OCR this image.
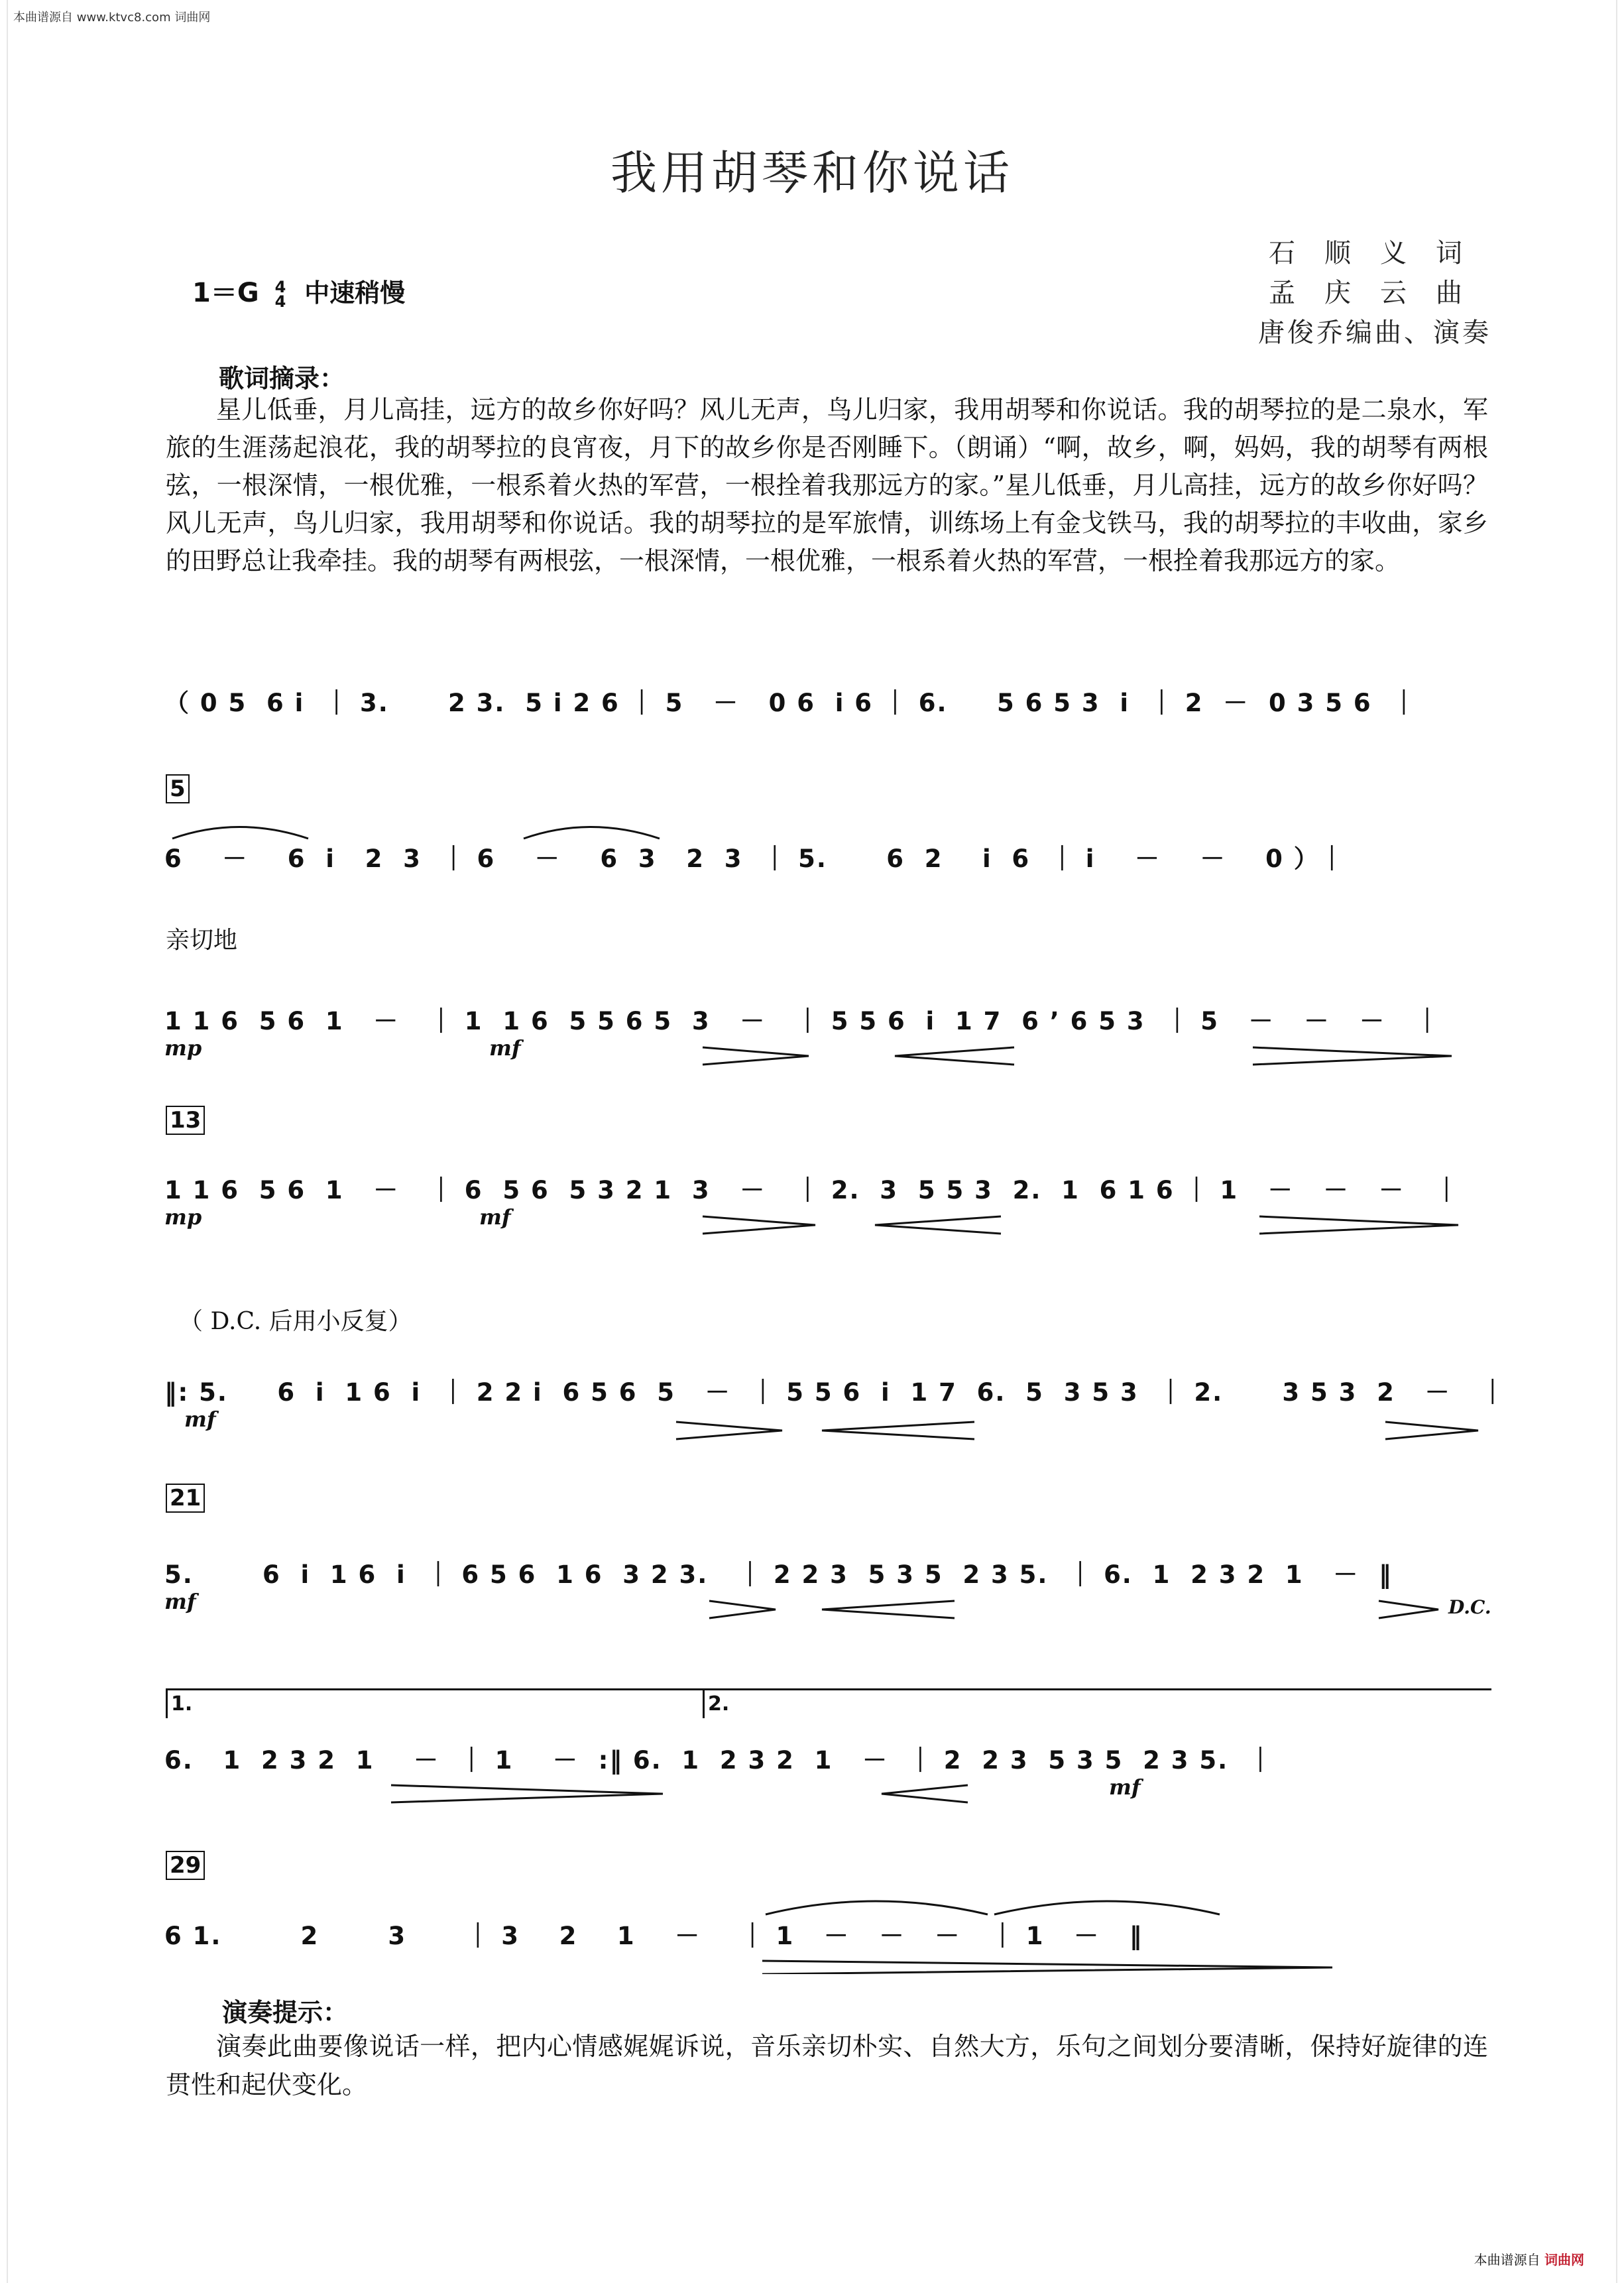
本曲谱源自 www.ktvc8.com 词曲网
我用胡琴和你说话
石顺义词
孟庆云曲
唐俊乔编曲、演奏
1＝G 4
4 中速稍慢
歌词摘录：
星儿低垂，月儿高挂，远方的故乡你好吗？风儿无声，鸟儿归家，我用胡琴和你说话。我的胡琴拉的是二泉水，军旅的生涯荡起浪花，我的胡琴拉的良宵夜，月下的故乡你是否刚睡下。（朗诵）“啊，故乡，啊，妈妈，我的胡琴有两根弦，一根深情，一根优雅，一根系着火热的军营，一根拴着我那远方的家。”星儿低垂，月儿高挂，远方的故乡你好吗？风儿无声，鸟儿归家，我用胡琴和你说话。我的胡琴拉的是军旅情，训练场上有金戈铁马，我的胡琴拉的丰收曲，家乡的田野总让我牵挂。我的胡琴有两根弦，一根深情，一根优雅，一根系着火热的军营，一根拴着我那远方的家。
（ 0 5  6 i  ｜ 3.      2 3.  5 i 2 6 ｜ 5   －   0 6  i 6 ｜ 6.     5 6 5 3  i  ｜ 2  －  0 3 5 6  ｜
5
6    －    6  i   2  3  ｜ 6    －    6  3   2  3  ｜ 5.      6  2    i  6  ｜ i    －    －    0 ）｜
亲切地
1 1 6  5 6  1   －   ｜ 1  1 6  5 5 6 5  3   －   ｜ 5 5 6  i  1 7  6 ’ 6 5 3  ｜ 5   －   －   －   ｜
mp	mf
13
1 1 6  5 6  1   －   ｜ 6  5 6  5 3 2 1  3   －   ｜ 2.  3  5 5 3  2.  1  6 1 6 ｜ 1   －   －   －   ｜
mp	mf
（ D.C. 后用小反复）
‖: 5.     6  i  1 6  i  ｜ 2 2 i  6 5 6  5   －  ｜ 5 5 6  i  1 7  6.  5  3 5 3  ｜ 2.      3 5 3  2   －   ｜
mf
21
5.       6  i  1 6  i  ｜ 6 5 6  1 6  3 2 3.   ｜ 2 2 3  5 3 5  2 3 5.  ｜ 6.  1  2 3 2  1   －  ‖
mf	D.C.
1.	2.
6.   1  2 3 2  1    －  ｜ 1    －  :‖ 6.  1  2 3 2  1   －  ｜ 2  2 3  5 3 5  2 3 5.  ｜
mf
29
6 1.        2       3      ｜ 3    2    1    －    ｜ 1   －   －   －   ｜ 1   －   ‖
演奏提示：
演奏此曲要像说话一样，把内心情感娓娓诉说，音乐亲切朴实、自然大方，乐句之间划分要清晰，保持好旋律的连贯性和起伏变化。
本曲谱源自 词曲网
